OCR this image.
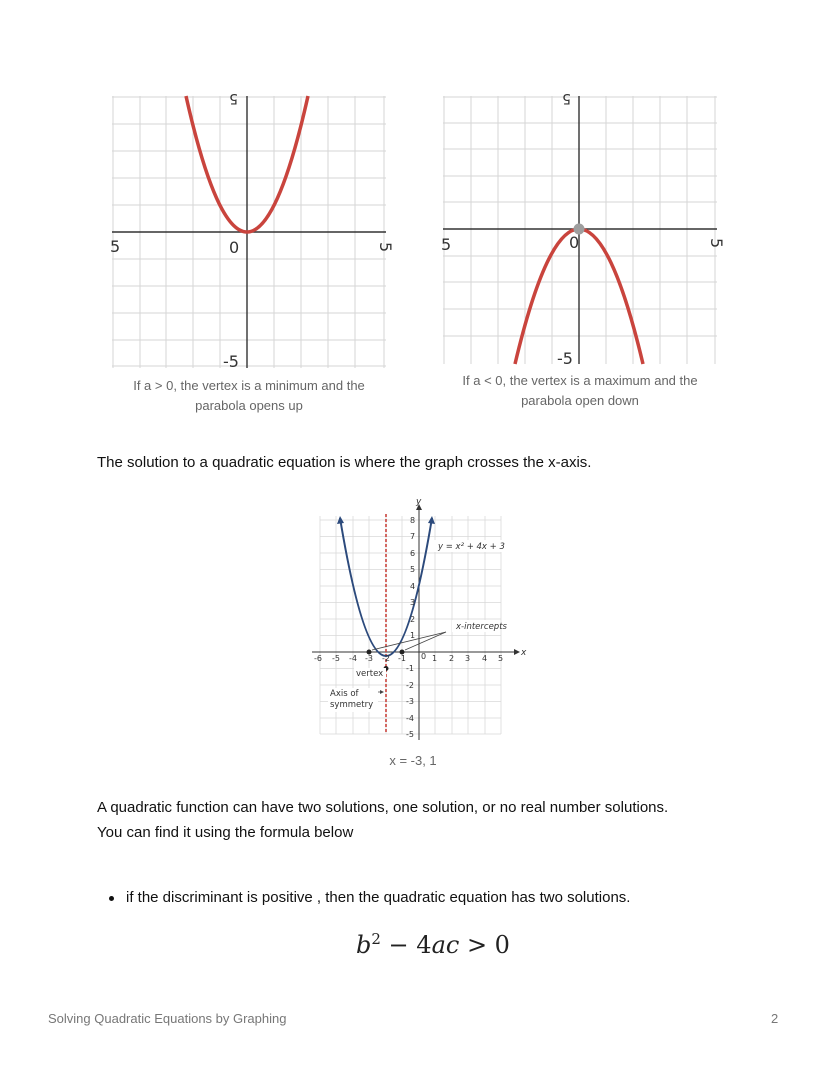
5
5	0	5
-5
If a > 0, the vertex is a minimum and the
parabola opens up
5
5	0	5
-5
If a < 0, the vertex is a maximum and the
parabola open down
The solution to a quadratic equation is where the graph crosses the x-axis.
8
7
6
5
4
3
2
1
-1
-2
-3
-4
-5
-6 -5 -4 -3 -2 -1 0 1 2 3 4 5
y
x
y = x² + 4x + 3
x-intercepts
vertex
Axis of
symmetry
x = -3, 1
A quadratic function can have two solutions, one solution, or no real number solutions.
You can find it using the formula below
if the discriminant is positive , then the quadratic equation has two solutions.
$b^2 - 4ac > 0$
Solving Quadratic Equations by Graphing	2
